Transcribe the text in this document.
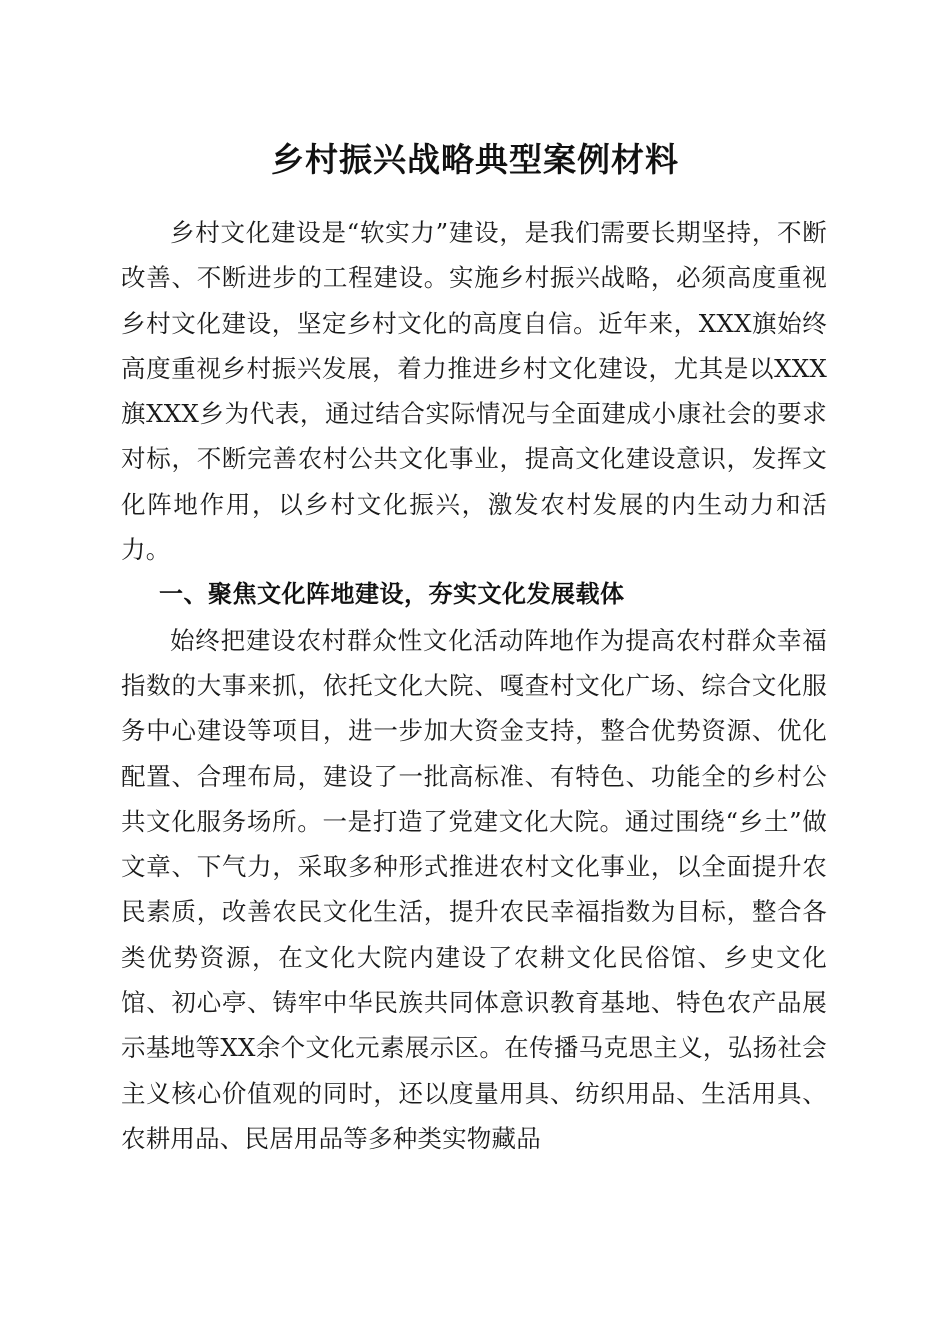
乡村振兴战略典型案例材料

乡村文化建设是“软实力”建设，是我们需要长期坚持，不断改善、不断进步的工程建设。实施乡村振兴战略，必须高度重视乡村文化建设，坚定乡村文化的高度自信。近年来，XXX旗始终高度重视乡村振兴发展，着力推进乡村文化建设，尤其是以XXX旗XXX乡为代表，通过结合实际情况与全面建成小康社会的要求对标，不断完善农村公共文化事业，提高文化建设意识，发挥文化阵地作用，以乡村文化振兴，激发农村发展的内生动力和活力。

一、聚焦文化阵地建设，夯实文化发展载体

始终把建设农村群众性文化活动阵地作为提高农村群众幸福指数的大事来抓，依托文化大院、嘎查村文化广场、综合文化服务中心建设等项目，进一步加大资金支持，整合优势资源、优化配置、合理布局，建设了一批高标准、有特色、功能全的乡村公共文化服务场所。一是打造了党建文化大院。通过围绕“乡土”做文章、下气力，采取多种形式推进农村文化事业，以全面提升农民素质，改善农民文化生活，提升农民幸福指数为目标，整合各类优势资源，在文化大院内建设了农耕文化民俗馆、乡史文化馆、初心亭、铸牢中华民族共同体意识教育基地、特色农产品展示基地等XX余个文化元素展示区。在传播马克思主义，弘扬社会主义核心价值观的同时，还以度量用具、纺织用品、生活用具、农耕用品、民居用品等多种类实物藏品
